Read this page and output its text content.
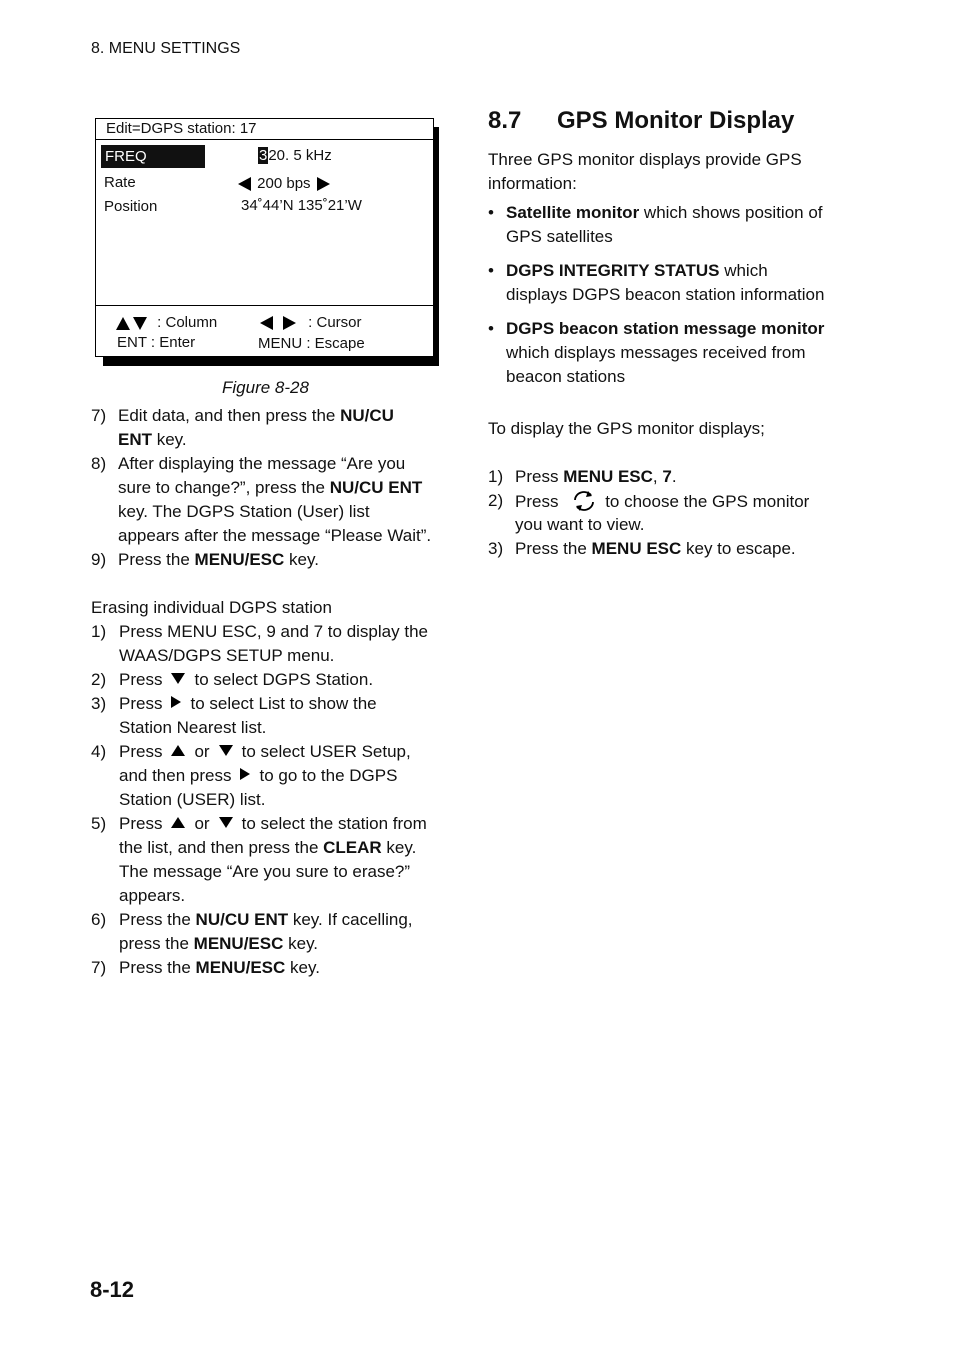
8. MENU SETTINGS
Edit=DGPS station: 17
FREQ	320. 5 kHz
Rate	200 bps
Position	34˚44’N 135˚21’W
: Column	: Cursor
ENT : Enter	MENU : Escape
Figure 8-28
7) Edit data, and then press the NU/CU
ENT key.
8) After displaying the message “Are you
sure to change?”, press the NU/CU ENT
key. The DGPS Station (User) list
appears after the message “Please Wait”.
9) Press the MENU/ESC key.
Erasing individual DGPS station
1) Press MENU ESC, 9 and 7 to display the
WAAS/DGPS SETUP menu.
2) Press to select DGPS Station.
3) Press to select List to show the
Station Nearest list.
4) Press or to select USER Setup,
and then press to go to the DGPS
Station (USER) list.
5) Press or to select the station from
the list, and then press the CLEAR key.
The message “Are you sure to erase?”
appears.
6) Press the NU/CU ENT key. If cacelling,
press the MENU/ESC key.
7) Press the MENU/ESC key.
8.7 GPS Monitor Display
Three GPS monitor displays provide GPS
information:
• Satellite monitor which shows position of
GPS satellites
• DGPS INTEGRITY STATUS which
displays DGPS beacon station information
• DGPS beacon station message monitor
which displays messages received from
beacon stations
To display the GPS monitor displays;
1) Press MENU ESC, 7.
2) Press	to choose the GPS monitor
you want to view.
3) Press the MENU ESC key to escape.
8-12
